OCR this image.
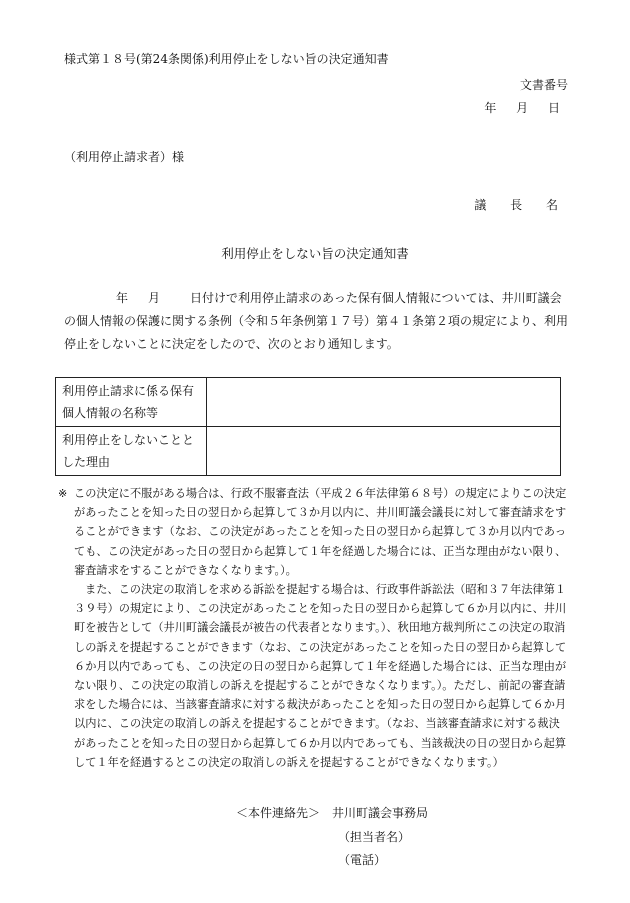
様式第１８号(第24条関係)利用停止をしない旨の決定通知書
文書番号
年 月 日
（利用停止請求者）様
議 長 名
利用停止をしない旨の決定通知書
年 月 日付けで利用停止請求のあった保有個人情報については、井川町議会の個人情報の保護に関する条例（令和５年条例第１７号）第４１条第２項の規定により、利用停止をしないことに決定をしたので、次のとおり通知します。
利用停止請求に係る保有個人情報の名称等	
利用停止をしないこととした理由	

※ この決定に不服がある場合は、行政不服審査法（平成２６年法律第６８号）の規定によりこの決定があったことを知った日の翌日から起算して３か月以内に、井川町議会議長に対して審査請求をすることができます（なお、この決定があったことを知った日の翌日から起算して３か月以内であっても、この決定があった日の翌日から起算して１年を経過した場合には、正当な理由がない限り、審査請求をすることができなくなります。）。

また、この決定の取消しを求める訴訟を提起する場合は、行政事件訴訟法（昭和３７年法律第１３９号）の規定により、この決定があったことを知った日の翌日から起算して６か月以内に、井川町を被告として（井川町議会議長が被告の代表者となります。）、秋田地方裁判所にこの決定の取消しの訴えを提起することができます（なお、この決定があったことを知った日の翌日から起算して６か月以内であっても、この決定の日の翌日から起算して１年を経過した場合には、正当な理由がない限り、この決定の取消しの訴えを提起することができなくなります。）。ただし、前記の審査請求をした場合には、当該審査請求に対する裁決があったことを知った日の翌日から起算して６か月以内に、この決定の取消しの訴えを提起することができます。（なお、当該審査請求に対する裁決があったことを知った日の翌日から起算して６か月以内であっても、当該裁決の日の翌日から起算して１年を経過するとこの決定の取消しの訴えを提起することができなくなります。）

＜本件連絡先＞　井川町議会事務局
（担当者名）
（電話）
